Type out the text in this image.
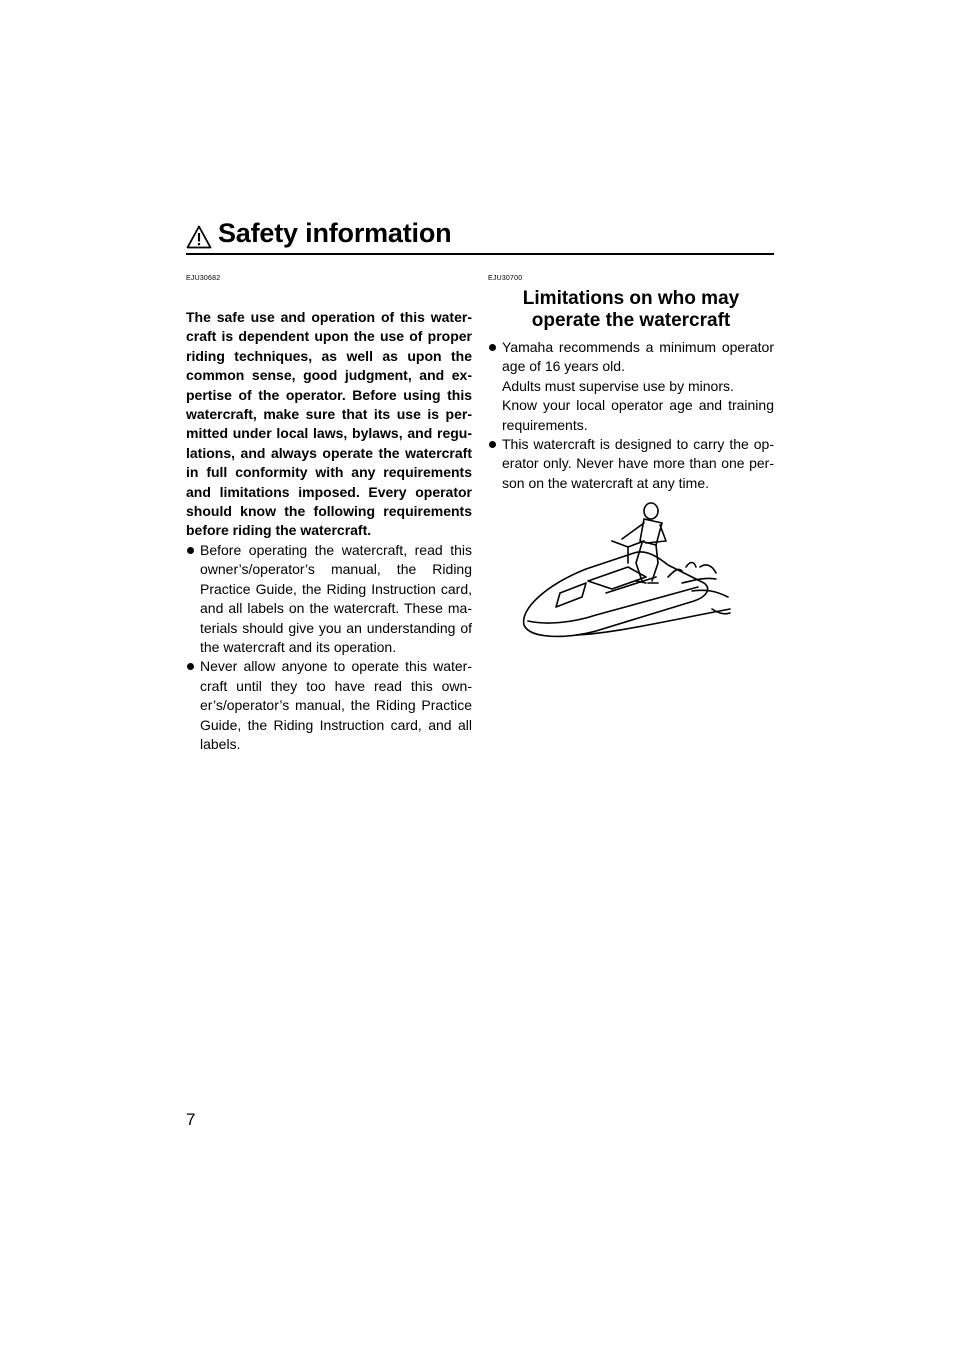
Safety information
EJU30682

The safe use and operation of this water-craft is dependent upon the use of proper riding techniques, as well as upon the common sense, good judgment, and ex-pertise of the operator. Before using this watercraft, make sure that its use is per-mitted under local laws, bylaws, and regu-lations, and always operate the watercraft in full conformity with any requirements and limitations imposed. Every operator should know the following requirements before riding the watercraft.

Before operating the watercraft, read this owner’s/operator’s manual, the Riding Practice Guide, the Riding Instruction card, and all labels on the watercraft. These ma-terials should give you an understanding of the watercraft and its operation.

Never allow anyone to operate this water-craft until they too have read this own-er’s/operator’s manual, the Riding Practice Guide, the Riding Instruction card, and all labels.

EJU30700
Limitations on who may
operate the watercraft

Yamaha recommends a minimum operator age of 16 years old.

Adults must supervise use by minors.

Know your local operator age and training requirements.

This watercraft is designed to carry the op-erator only. Never have more than one per-son on the watercraft at any time.

7
